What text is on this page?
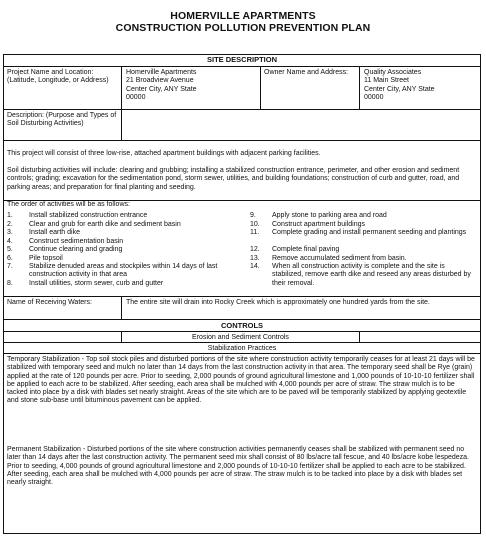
HOMERVILLE APARTMENTS
CONSTRUCTION POLLUTION PREVENTION PLAN
SITE DESCRIPTION
Project Name and Location: (Latitude, Longitude, or Address)
Homerville Apartments
21 Broadview Avenue
Center City, ANY State
00000
Owner Name and Address:	Quality Associates
11 Main Street
Center City, ANY State
00000
Description: (Purpose and Types of Soil Disturbing Activities)

This project will consist of three low-rise, attached apartment buildings with adjacent parking facilities.

Soil disturbing activities will include: clearing and grubbing; installing a stabilized construction entrance, perimeter, and other erosion and sediment controls; grading; excavation for the sedimentation pond, storm sewer, utilities, and building foundations; construction of curb and gutter, road, and parking areas; and preparation for final planting and seeding.

The order of activities will be as follows:
1. Install stabilized construction entrance
2. Clear and grub for earth dike and sediment basin
3. Install earth dike
4. Construct sedimentation basin
5. Continue clearing and grading
6. Pile topsoil
7. Stabilize denuded areas and stockpiles within 14 days of last construction activity in that area
8. Install utilities, storm sewer, curb and gutter
9. Apply stone to parking area and road
10. Construct apartment buildings
11. Complete grading and install permanent seeding and plantings
12. Complete final paving
13. Remove accumulated sediment from basin.
14. When all construction activity is complete and the site is stabilized, remove earth dike and reseed any areas disturbed by their removal.
Name of Receiving Waters:	The entire site will drain into Rocky Creek which is approximately one hundred yards from the site.
CONTROLS
Erosion and Sediment Controls
Stabilization Practices

Temporary Stabilization - Top soil stock piles and disturbed portions of the site where construction activity temporarily ceases for at least 21 days will be stabilized with temporary seed and mulch no later than 14 days from the last construction activity in that area. The temporary seed shall be Rye (grain) applied at the rate of 120 pounds per acre. Prior to seeding, 2,000 pounds of ground agricultural limestone and 1,000 pounds of 10-10-10 fertilizer shall be applied to each acre to be stabilized. After seeding, each area shall be mulched with 4,000 pounds per acre of straw. The straw mulch is to be tacked into place by a disk with blades set nearly straight. Areas of the site which are to be paved will be temporarily stabilized by applying geotextile and stone sub-base until bituminous pavement can be applied.

Permanent Stabilization - Disturbed portions of the site where construction activities permanently ceases shall be stabilized with permanent seed no later than 14 days after the last construction activity. The permanent seed mix shall consist of 80 lbs/acre tall fescue, and 40 lbs/acre kobe lespedeza. Prior to seeding, 4,000 pounds of ground agricultural limestone and 2,000 pounds of 10-10-10 fertilizer shall be applied to each acre to be stabilized. After seeding, each area shall be mulched with 4,000 pounds per acre of straw. The straw mulch is to be tacked into place by a disk with blades set nearly straight.
